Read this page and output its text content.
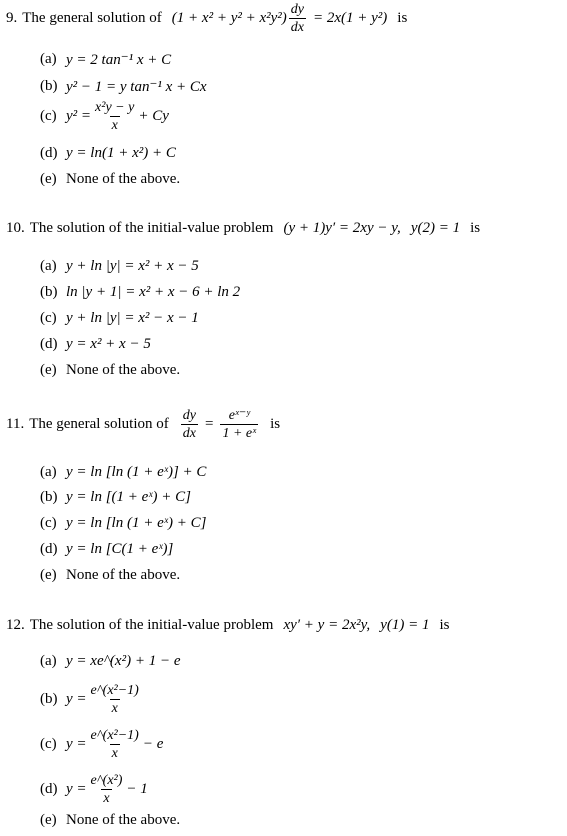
9. The general solution of $(1 + x^2 + y^2 + x^2y^2) \frac{dy}{dx} = 2x(1 + y^2)$ is
(a) y = 2 tan⁻¹ x + C
(b) y² − 1 = y tan⁻¹ x + Cx
(c) $y^2 = \frac{\text{x²y − y}}{x} + Cy$
(d) y = ln(1 + x²) + C
(e) None of the above.
10. The solution of the initial-value problem (y + 1)y′ = 2xy − y, y(2) = 1 is
(a) y + ln |y| = x² + x − 5
(b) ln |y + 1| = x² + x − 6 + ln 2
(c) y + ln |y| = x² − x − 1
(d) y = x² + x − 5
(e) None of the above.
11. The general solution of $\frac{dy}{dx} = \frac{\text{eˣ⁻ʸ}}{\text{1 + eˣ}}$ is
(a) y = ln [ln (1 + eˣ)] + C
(b) y = ln [(1 + eˣ) + C]
(c) y = ln [ln (1 + eˣ) + C]
(d) y = ln [C(1 + eˣ)]
(e) None of the above.
12. The solution of the initial-value problem xy′ + y = 2x²y, y(1) = 1 is
(a) y = xe^(x²) + 1 − e
(b) $y = \frac{\text{e\textasciicircum{}(x²−1)}}{x}$
(c) $y = \frac{\text{e\textasciicircum{}(x²−1)}}{x} - e$
(d) $y = \frac{\text{e\textasciicircum{}(x²)}}{x} - 1$
(e) None of the above.
